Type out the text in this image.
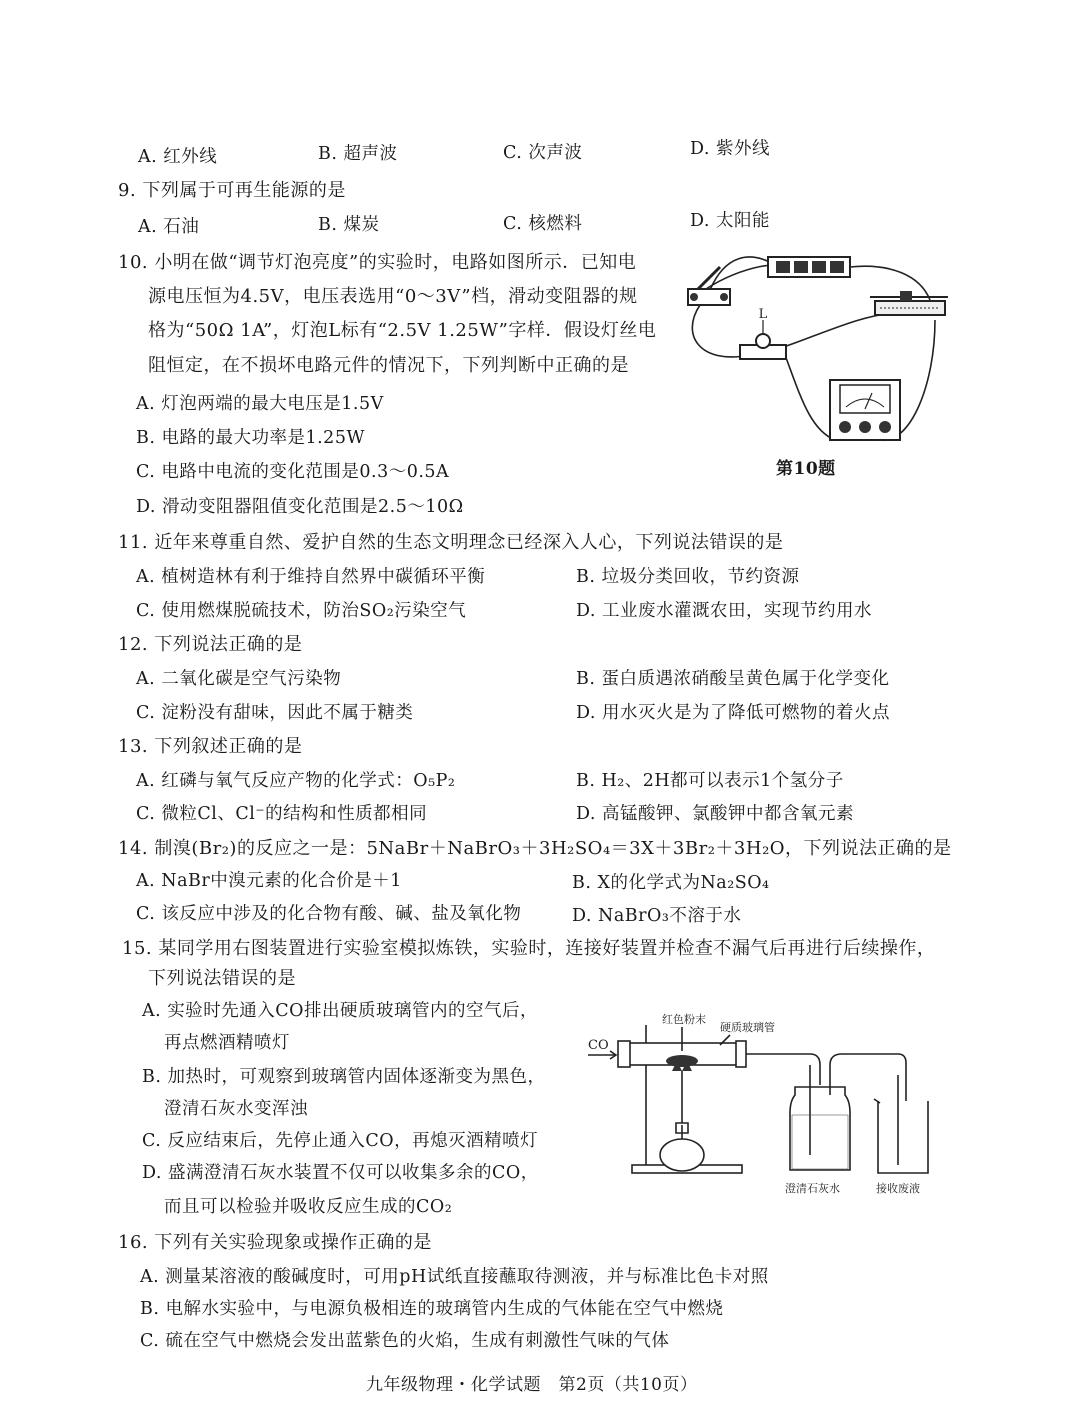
A. 红外线	B. 超声波	C. 次声波	D. 紫外线
9. 下列属于可再生能源的是
A. 石油	B. 煤炭	C. 核燃料	D. 太阳能
10. 小明在做“调节灯泡亮度”的实验时，电路如图所示．已知电
源电压恒为4.5V，电压表选用“0～3V”档，滑动变阻器的规
格为“50Ω 1A”，灯泡L标有“2.5V 1.25W”字样．假设灯丝电
阻恒定，在不损坏电路元件的情况下，下列判断中正确的是
A. 灯泡两端的最大电压是1.5V
B. 电路的最大功率是1.25W
C. 电路中电流的变化范围是0.3～0.5A
D. 滑动变阻器阻值变化范围是2.5～10Ω
L
第10题
11. 近年来尊重自然、爱护自然的生态文明理念已经深入人心，下列说法错误的是
A. 植树造林有利于维持自然界中碳循环平衡	B. 垃圾分类回收，节约资源
C. 使用燃煤脱硫技术，防治SO₂污染空气	D. 工业废水灌溉农田，实现节约用水
12. 下列说法正确的是
A. 二氧化碳是空气污染物	B. 蛋白质遇浓硝酸呈黄色属于化学变化
C. 淀粉没有甜味，因此不属于糖类	D. 用水灭火是为了降低可燃物的着火点
13. 下列叙述正确的是
A. 红磷与氧气反应产物的化学式：O₅P₂	B. H₂、2H都可以表示1个氢分子
C. 微粒Cl、Cl⁻的结构和性质都相同	D. 高锰酸钾、氯酸钾中都含氧元素
14. 制溴(Br₂)的反应之一是：5NaBr＋NaBrO₃＋3H₂SO₄＝3X＋3Br₂＋3H₂O，下列说法正确的是
A. NaBr中溴元素的化合价是＋1	B. X的化学式为Na₂SO₄
C. 该反应中涉及的化合物有酸、碱、盐及氧化物	D. NaBrO₃不溶于水
15. 某同学用右图装置进行实验室模拟炼铁，实验时，连接好装置并检查不漏气后再进行后续操作，
下列说法错误的是
A. 实验时先通入CO排出硬质玻璃管内的空气后，
再点燃酒精喷灯
B. 加热时，可观察到玻璃管内固体逐渐变为黑色，
澄清石灰水变浑浊
C. 反应结束后，先停止通入CO，再熄灭酒精喷灯
D. 盛满澄清石灰水装置不仅可以收集多余的CO，
而且可以检验并吸收反应生成的CO₂
CO
红色粉末
硬质玻璃管
澄清石灰水	接收废液
16. 下列有关实验现象或操作正确的是
A. 测量某溶液的酸碱度时，可用pH试纸直接蘸取待测液，并与标准比色卡对照
B. 电解水实验中，与电源负极相连的玻璃管内生成的气体能在空气中燃烧
C. 硫在空气中燃烧会发出蓝紫色的火焰，生成有刺激性气味的气体
九年级物理・化学试题　第2页（共10页）
